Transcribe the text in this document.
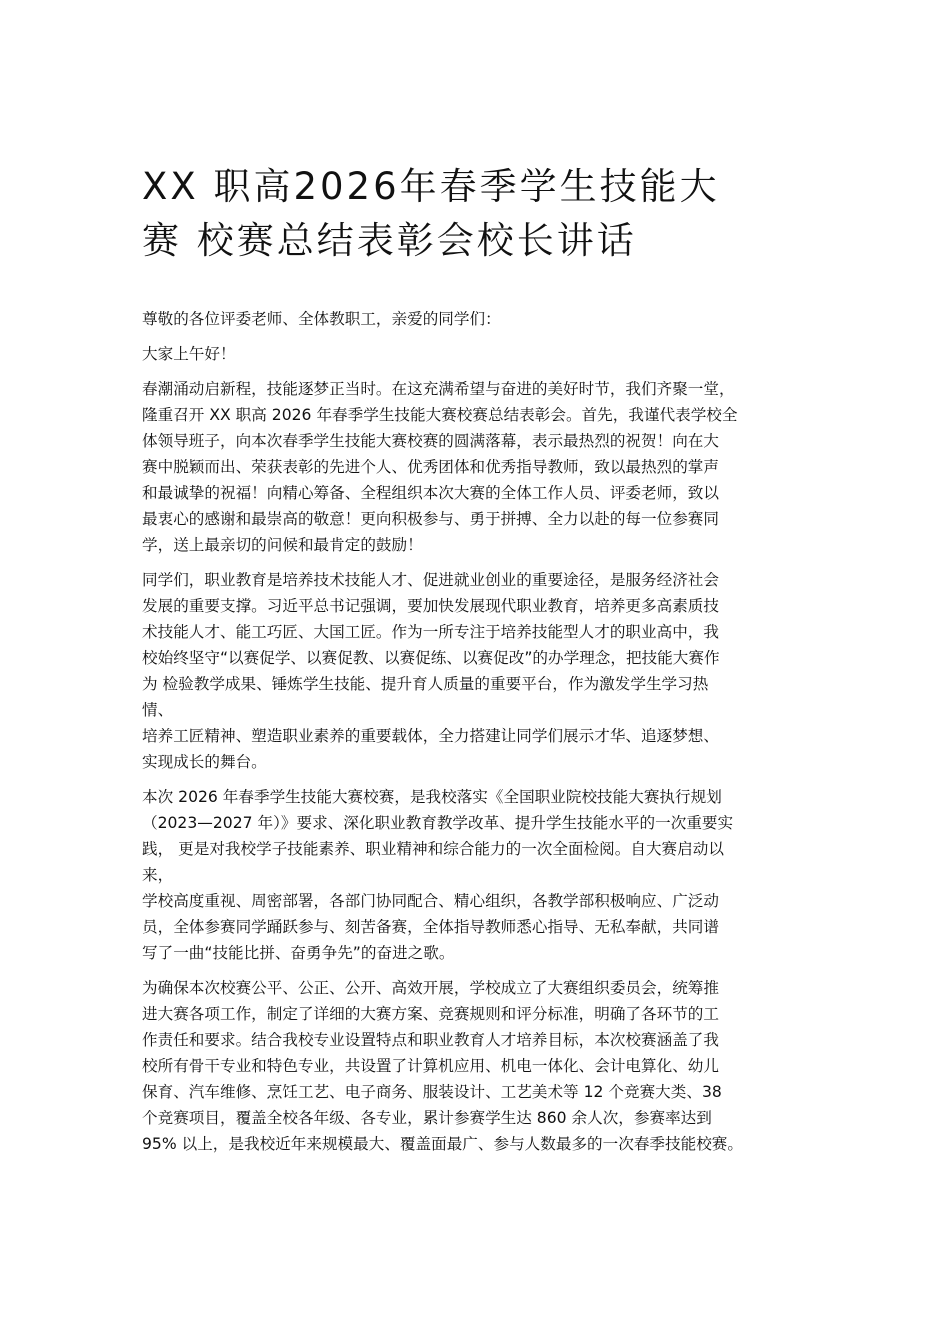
XX 职高2026年春季学生技能大
赛 校赛总结表彰会校长讲话

尊敬的各位评委老师、全体教职工，亲爱的同学们：

大家上午好！

春潮涌动启新程，技能逐梦正当时。在这充满希望与奋进的美好时节，我们齐聚一堂，
隆重召开 XX 职高 2026 年春季学生技能大赛校赛总结表彰会。首先，我谨代表学校全
体领导班子，向本次春季学生技能大赛校赛的圆满落幕，表示最热烈的祝贺！向在大
赛中脱颖而出、荣获表彰的先进个人、优秀团体和优秀指导教师，致以最热烈的掌声
和最诚挚的祝福！向精心筹备、全程组织本次大赛的全体工作人员、评委老师，致以
最衷心的感谢和最崇高的敬意！更向积极参与、勇于拼搏、全力以赴的每一位参赛同
学，送上最亲切的问候和最肯定的鼓励！

同学们，职业教育是培养技术技能人才、促进就业创业的重要途径，是服务经济社会
发展的重要支撑。习近平总书记强调，要加快发展现代职业教育，培养更多高素质技
术技能人才、能工巧匠、大国工匠。作为一所专注于培养技能型人才的职业高中，我
校始终坚守“以赛促学、以赛促教、以赛促练、以赛促改”的办学理念，把技能大赛作
为 检验教学成果、锤炼学生技能、提升育人质量的重要平台，作为激发学生学习热
情、
培养工匠精神、塑造职业素养的重要载体，全力搭建让同学们展示才华、追逐梦想、
实现成长的舞台。

本次 2026 年春季学生技能大赛校赛，是我校落实《全国职业院校技能大赛执行规划
（2023—2027 年）》要求、深化职业教育教学改革、提升学生技能水平的一次重要实
践， 更是对我校学子技能素养、职业精神和综合能力的一次全面检阅。自大赛启动以
来，
学校高度重视、周密部署，各部门协同配合、精心组织，各教学部积极响应、广泛动
员，全体参赛同学踊跃参与、刻苦备赛，全体指导教师悉心指导、无私奉献，共同谱
写了一曲“技能比拼、奋勇争先”的奋进之歌。

为确保本次校赛公平、公正、公开、高效开展，学校成立了大赛组织委员会，统筹推
进大赛各项工作，制定了详细的大赛方案、竞赛规则和评分标准，明确了各环节的工
作责任和要求。结合我校专业设置特点和职业教育人才培养目标，本次校赛涵盖了我
校所有骨干专业和特色专业，共设置了计算机应用、机电一体化、会计电算化、幼儿
保育、汽车维修、烹饪工艺、电子商务、服装设计、工艺美术等 12 个竞赛大类、38
个竞赛项目，覆盖全校各年级、各专业，累计参赛学生达 860 余人次，参赛率达到
95% 以上，是我校近年来规模最大、覆盖面最广、参与人数最多的一次春季技能校赛。
